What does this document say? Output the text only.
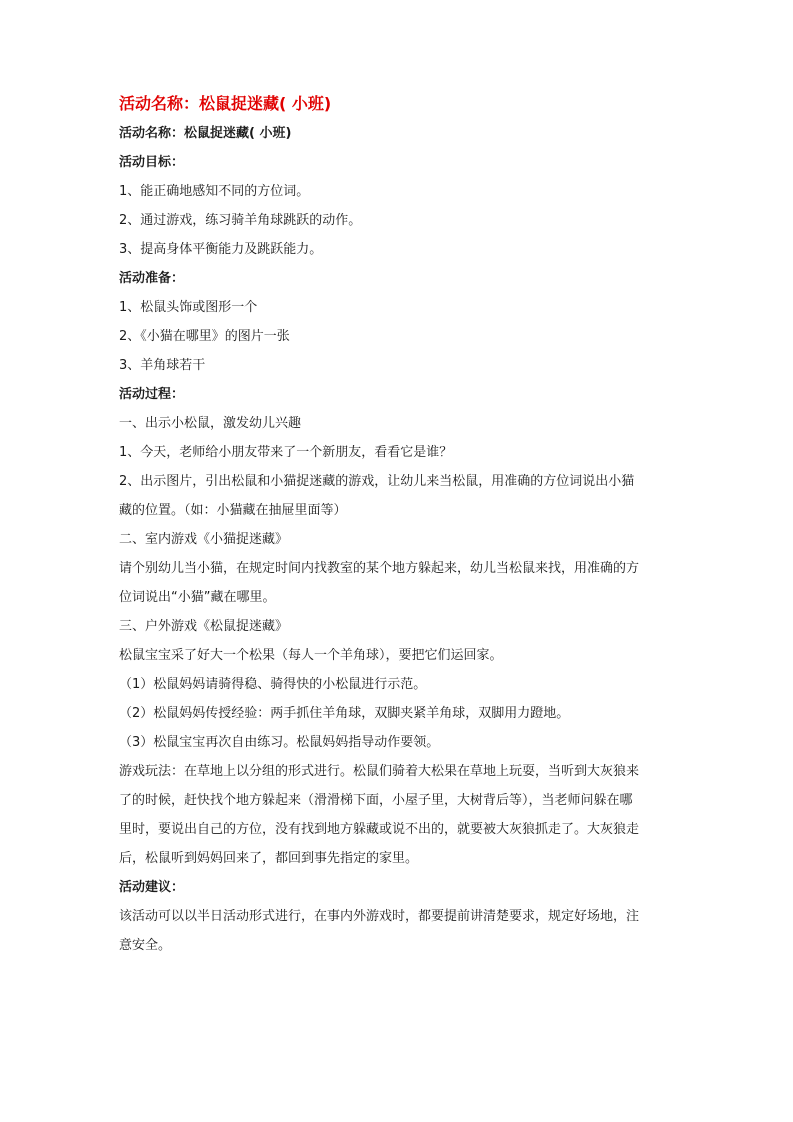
活动名称：松鼠捉迷藏( 小班)

活动名称：松鼠捉迷藏( 小班)

活动目标：

1、能正确地感知不同的方位词。

2、通过游戏，练习骑羊角球跳跃的动作。

3、提高身体平衡能力及跳跃能力。

活动准备：

1、松鼠头饰或图形一个

2、《小猫在哪里》的图片一张

3、羊角球若干

活动过程：

一、出示小松鼠，激发幼儿兴趣

1、今天，老师给小朋友带来了一个新朋友，看看它是谁？

2、出示图片，引出松鼠和小猫捉迷藏的游戏，让幼儿来当松鼠，用准确的方位词说出小猫

藏的位置。（如：小猫藏在抽屉里面等）

二、室内游戏《小猫捉迷藏》

请个别幼儿当小猫，在规定时间内找教室的某个地方躲起来，幼儿当松鼠来找，用准确的方

位词说出“小猫”藏在哪里。

三、户外游戏《松鼠捉迷藏》

松鼠宝宝采了好大一个松果（每人一个羊角球），要把它们运回家。

（1）松鼠妈妈请骑得稳、骑得快的小松鼠进行示范。

（2）松鼠妈妈传授经验：两手抓住羊角球，双脚夹紧羊角球，双脚用力蹬地。

（3）松鼠宝宝再次自由练习。松鼠妈妈指导动作要领。

游戏玩法：在草地上以分组的形式进行。松鼠们骑着大松果在草地上玩耍，当听到大灰狼来

了的时候，赶快找个地方躲起来（滑滑梯下面，小屋子里，大树背后等），当老师问躲在哪

里时，要说出自己的方位，没有找到地方躲藏或说不出的，就要被大灰狼抓走了。大灰狼走

后，松鼠听到妈妈回来了，都回到事先指定的家里。

活动建议：

该活动可以以半日活动形式进行，在事内外游戏时，都要提前讲清楚要求，规定好场地，注

意安全。
